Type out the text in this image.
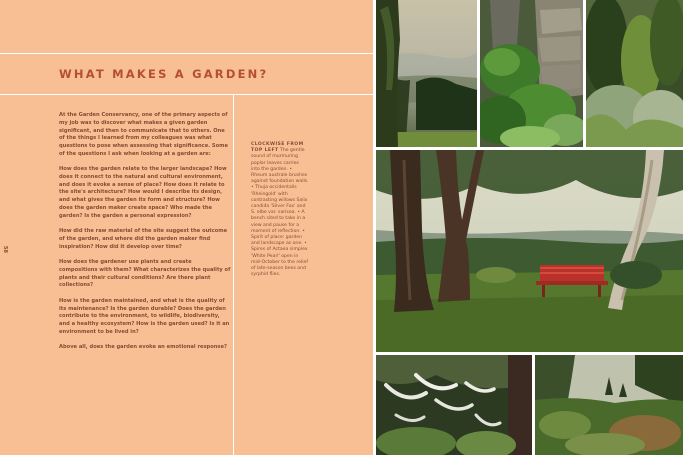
WHAT MAKES A GARDEN?
58

At the Garden Conservancy, one of the primary aspects of my job was to discover what makes a given garden significant, and then to communicate that to others. One of the things I learned from my colleagues was what questions to pose when assessing that significance. Some of the questions I ask when looking at a garden are:

How does the garden relate to the larger landscape? How does it connect to the natural and cultural environment, and does it evoke a sense of place? How does it relate to the site's architecture? How would I describe its design, and what gives the garden its form and structure? How does the garden maker create space? Who made the garden? Is the garden a personal expression?

How did the raw material of the site suggest the outcome of the garden, and where did the garden maker find inspiration? How did it develop over time?

How does the gardener use plants and create compositions with them? What characterizes the quality of plants and their cultural conditions? Are there plant collections?

How is the garden maintained, and what is the quality of its maintenance? Is the garden durable? Does the garden contribute to the environment, to wildlife, biodiversity, and a healthy ecosystem? How is the garden used? Is it an environment to be lived in?

Above all, does the garden evoke an emotional response?

CLOCKWISE FROM TOP LEFT The gentle sound of murmuring poplar leaves carries into the garden. • Rheum australe brushes against foundation walls. • Thuja occidentalis 'Rheingold' with contrasting willows Salix candida 'Silver Fox' and S. elbe var. sarisea. • A bench sited to take in a view and pause for a moment of reflection. • Spirit of place: garden and landscape as one. • Spires of Actaea simplex 'White Pearl' open in mid-October to the relief of late-season bees and syrphid flies.
